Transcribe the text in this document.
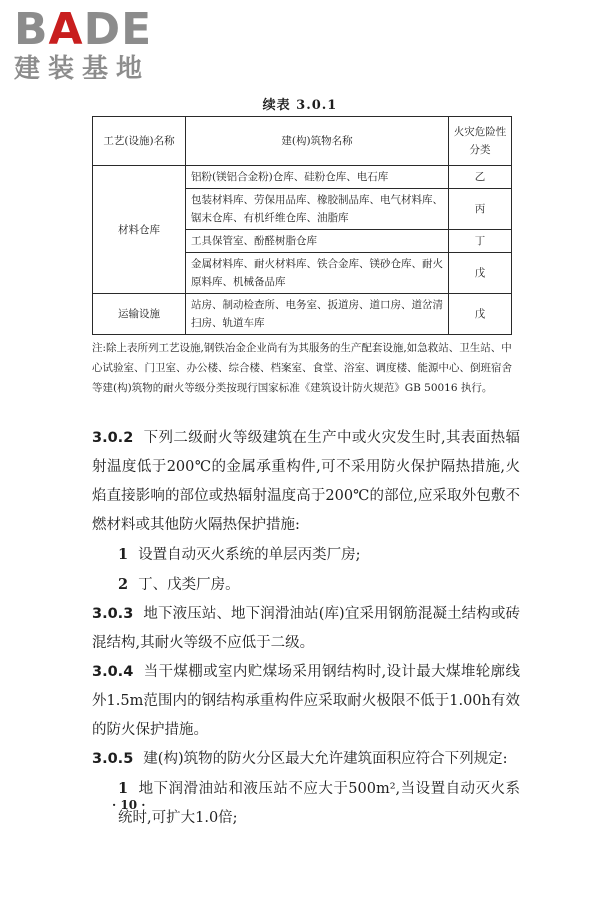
BADE
建装基地
续表 3.0.1
工艺(设施)名称	建(构)筑物名称	火灾危险性分类
材料仓库	铝粉(镁铝合金粉)仓库、硅粉仓库、电石库	乙
	包装材料库、劳保用品库、橡胶制品库、电气材料库、锯末仓库、有机纤维仓库、油脂库	丙
	工具保管室、酚醛树脂仓库	丁
	金属材料库、耐火材料库、铁合金库、镁砂仓库、耐火原料库、机械备品库	戊
运输设施	站房、制动检查所、电务室、扳道房、道口房、道岔清扫房、轨道车库	戊

注:除上表所列工艺设施,钢铁冶金企业尚有为其服务的生产配套设施,如急救站、卫生站、中心试验室、门卫室、办公楼、综合楼、档案室、食堂、浴室、调度楼、能源中心、倒班宿舍等建(构)筑物的耐火等级分类按现行国家标准《建筑设计防火规范》GB 50016 执行。

3.0.2 下列二级耐火等级建筑在生产中或火灾发生时,其表面热辐射温度低于200℃的金属承重构件,可不采用防火保护隔热措施,火焰直接影响的部位或热辐射温度高于200℃的部位,应采取外包敷不燃材料或其他防火隔热保护措施:

1 设置自动灭火系统的单层丙类厂房;

2 丁、戊类厂房。

3.0.3 地下液压站、地下润滑油站(库)宜采用钢筋混凝土结构或砖混结构,其耐火等级不应低于二级。

3.0.4 当干煤棚或室内贮煤场采用钢结构时,设计最大煤堆轮廓线外1.5m范围内的钢结构承重构件应采取耐火极限不低于1.00h有效的防火保护措施。

3.0.5 建(构)筑物的防火分区最大允许建筑面积应符合下列规定:

1 地下润滑油站和液压站不应大于500m²,当设置自动灭火系统时,可扩大1.0倍;

· 10 ·
